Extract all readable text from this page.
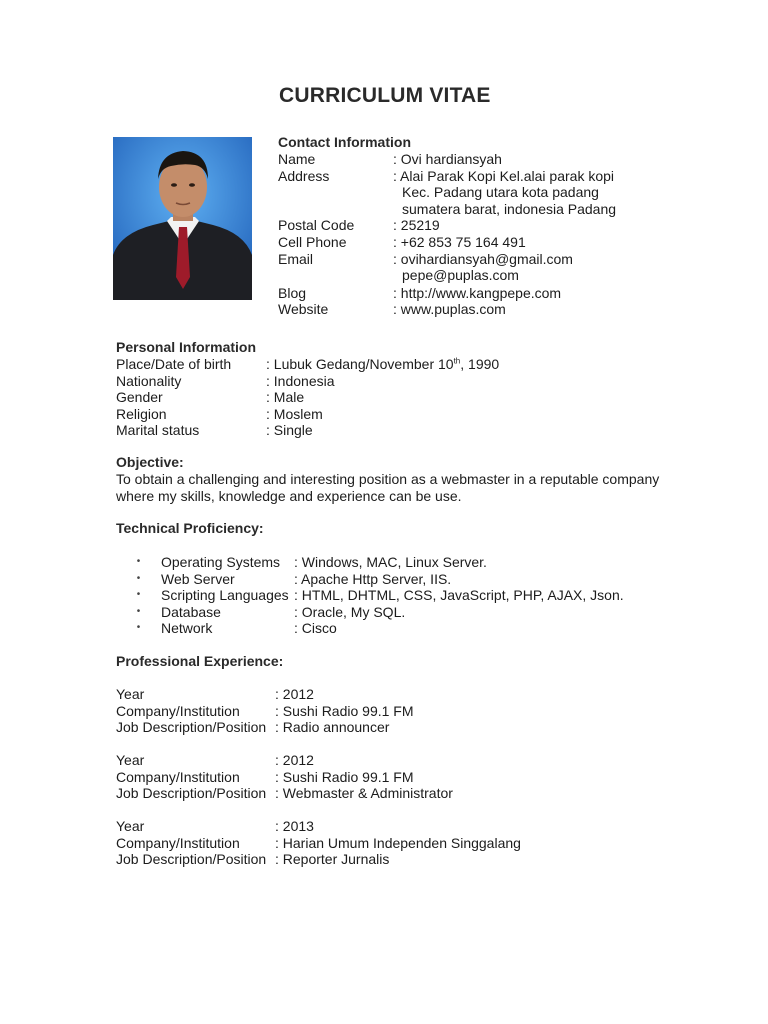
CURRICULUM VITAE
Contact Information
Name	: Ovi hardiansyah
Address	: Alai Parak Kopi Kel.alai parak kopi
Kec. Padang utara kota padang
sumatera barat, indonesia Padang
Postal Code	: 25219
Cell Phone	: +62 853 75 164 491
Email	: ovihardiansyah@gmail.com
pepe@puplas.com
Blog	: http://www.kangpepe.com
Website	: www.puplas.com
Personal Information
Place/Date of birth	: Lubuk Gedang/November 10th, 1990
Nationality	: Indonesia
Gender	: Male
Religion	: Moslem
Marital status	: Single
Objective:

To obtain a challenging and interesting position as a webmaster in a reputable company where my skills, knowledge and experience can be use.

Technical Proficiency:
•	Operating Systems : Windows, MAC, Linux Server.
•	Web Server	: Apache Http Server, IIS.
•	Scripting Languages : HTML, DHTML, CSS, JavaScript, PHP, AJAX, Json.
•	Database	: Oracle, My SQL.
•	Network	: Cisco
Professional Experience:
Year	: 2012
Company/Institution	: Sushi Radio 99.1 FM
Job Description/Position : Radio announcer
Year	: 2012
Company/Institution	: Sushi Radio 99.1 FM
Job Description/Position : Webmaster & Administrator
Year	: 2013
Company/Institution	: Harian Umum Independen Singgalang
Job Description/Position : Reporter Jurnalis
